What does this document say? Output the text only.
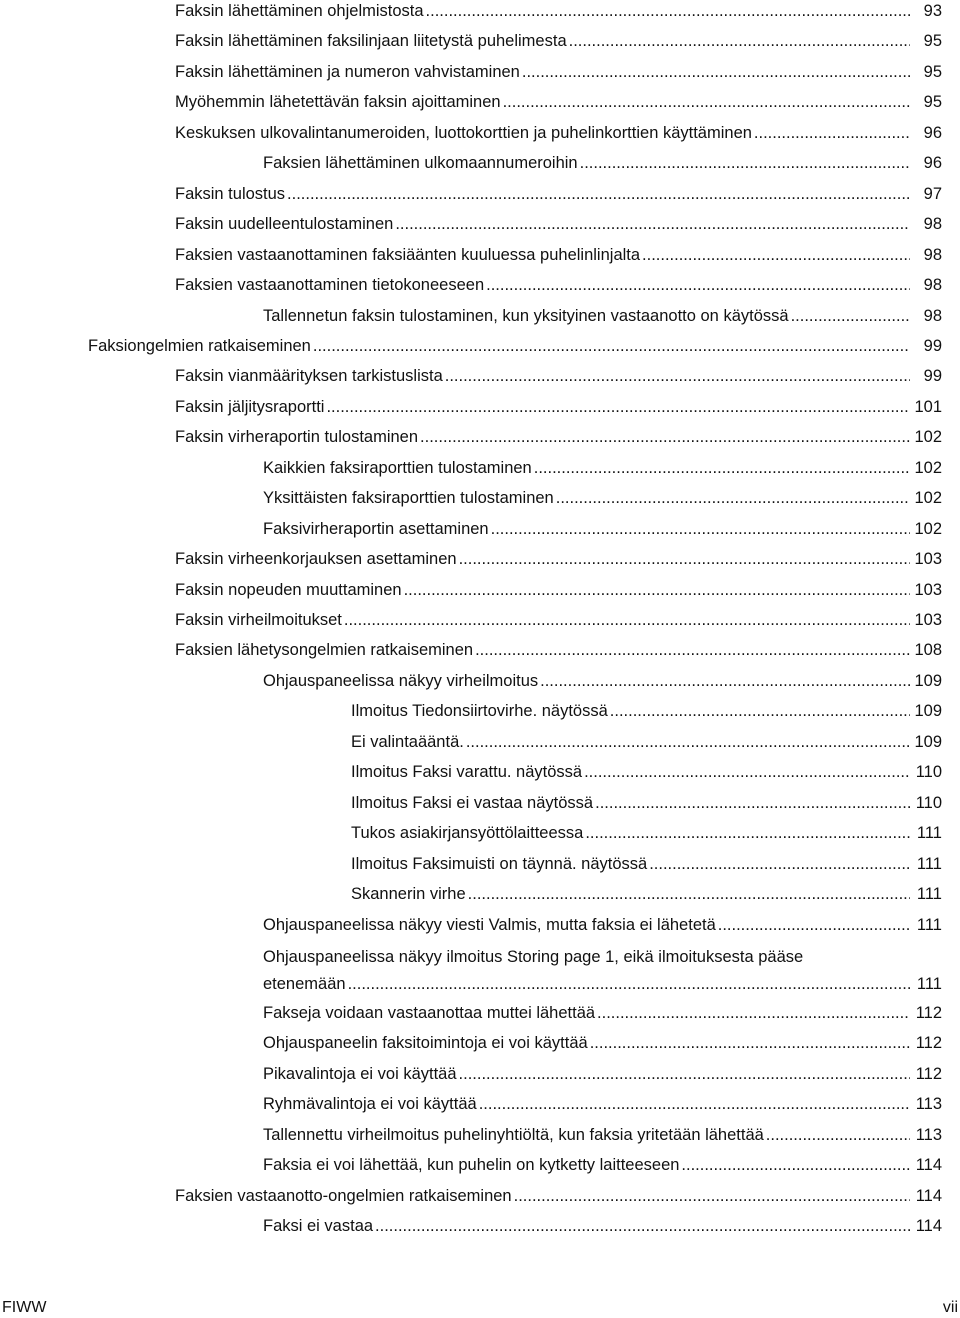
Faksin lähettäminen ohjelmistosta .....	93
Faksin lähettäminen faksilinjaan liitetystä puhelimesta .....	95
Faksin lähettäminen ja numeron vahvistaminen .....	95
Myöhemmin lähetettävän faksin ajoittaminen .....	95
Keskuksen ulkovalintanumeroiden, luottokorttien ja puhelinkorttien käyttäminen .....	96
Faksien lähettäminen ulkomaannumeroihin .....	96
Faksin tulostus .....	97
Faksin uudelleentulostaminen .....	98
Faksien vastaanottaminen faksiäänten kuuluessa puhelinlinjalta .....	98
Faksien vastaanottaminen tietokoneeseen .....	98
Tallennetun faksin tulostaminen, kun yksityinen vastaanotto on käytössä .....	98
Faksiongelmien ratkaiseminen .....	99
Faksin vianmäärityksen tarkistuslista .....	99
Faksin jäljitysraportti .....	101
Faksin virheraportin tulostaminen .....	102
Kaikkien faksiraporttien tulostaminen .....	102
Yksittäisten faksiraporttien tulostaminen .....	102
Faksivirheraportin asettaminen .....	102
Faksin virheenkorjauksen asettaminen .....	103
Faksin nopeuden muuttaminen .....	103
Faksin virheilmoitukset .....	103
Faksien lähetysongelmien ratkaiseminen .....	108
Ohjauspaneelissa näkyy virheilmoitus .....	109
Ilmoitus Tiedonsiirtovirhe. näytössä .....	109
Ei valintaääntä. .....	109
Ilmoitus Faksi varattu. näytössä .....	110
Ilmoitus Faksi ei vastaa näytössä .....	110
Tukos asiakirjansyöttölaitteessa .....	111
Ilmoitus Faksimuisti on täynnä. näytössä .....	111
Skannerin virhe .....	111
Ohjauspaneelissa näkyy viesti Valmis, mutta faksia ei lähetetä .....	111
Ohjauspaneelissa näkyy ilmoitus Storing page 1, eikä ilmoituksesta pääse
etenemään .....	111
Fakseja voidaan vastaanottaa muttei lähettää .....	112
Ohjauspaneelin faksitoimintoja ei voi käyttää .....	112
Pikavalintoja ei voi käyttää .....	112
Ryhmävalintoja ei voi käyttää .....	113
Tallennettu virheilmoitus puhelinyhtiöltä, kun faksia yritetään lähettää .....	113
Faksia ei voi lähettää, kun puhelin on kytketty laitteeseen .....	114
Faksien vastaanotto-ongelmien ratkaiseminen .....	114
Faksi ei vastaa .....	114
FIWW	vii
